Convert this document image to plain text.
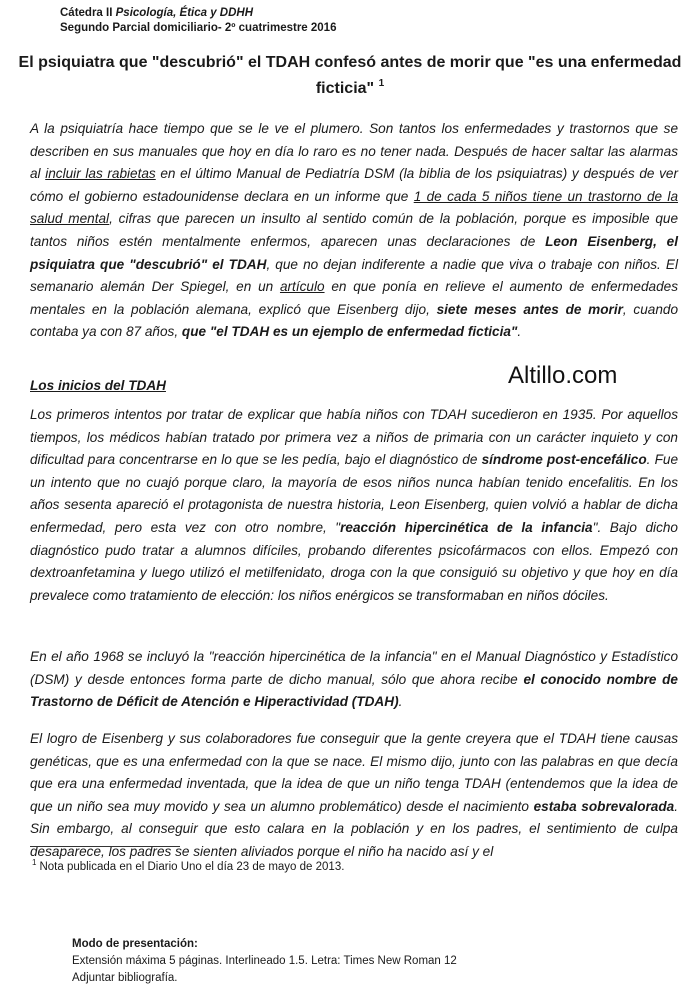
Cátedra II Psicología, Ética y DDHH
Segundo Parcial domiciliario- 2º cuatrimestre 2016
El psiquiatra que "descubrió" el TDAH confesó antes de morir que "es una enfermedad ficticia" $^1$

A la psiquiatría hace tiempo que se le ve el plumero. Son tantos los enfermedades y trastornos que se describen en sus manuales que hoy en día lo raro es no tener nada. Después de hacer saltar las alarmas al incluir las rabietas en el último Manual de Pediatría DSM (la biblia de los psiquiatras) y después de ver cómo el gobierno estadounidense declara en un informe que 1 de cada 5 niños tiene un trastorno de la salud mental, cifras que parecen un insulto al sentido común de la población, porque es imposible que tantos niños estén mentalmente enfermos, aparecen unas declaraciones de Leon Eisenberg, el psiquiatra que "descubrió" el TDAH, que no dejan indiferente a nadie que viva o trabaje con niños. El semanario alemán Der Spiegel, en un artículo en que ponía en relieve el aumento de enfermedades mentales en la población alemana, explicó que Eisenberg dijo, siete meses antes de morir, cuando contaba ya con 87 años, que "el TDAH es un ejemplo de enfermedad ficticia".

Los inicios del TDAH	Altillo.com

Los primeros intentos por tratar de explicar que había niños con TDAH sucedieron en 1935. Por aquellos tiempos, los médicos habían tratado por primera vez a niños de primaria con un carácter inquieto y con dificultad para concentrarse en lo que se les pedía, bajo el diagnóstico de síndrome post-encefálico. Fue un intento que no cuajó porque claro, la mayoría de esos niños nunca habían tenido encefalitis. En los años sesenta apareció el protagonista de nuestra historia, Leon Eisenberg, quien volvió a hablar de dicha enfermedad, pero esta vez con otro nombre, "reacción hipercinética de la infancia". Bajo dicho diagnóstico pudo tratar a alumnos difíciles, probando diferentes psicofármacos con ellos. Empezó con dextroanfetamina y luego utilizó el metilfenidato, droga con la que consiguió su objetivo y que hoy en día prevalece como tratamiento de elección: los niños enérgicos se transformaban en niños dóciles.

En el año 1968 se incluyó la "reacción hipercinética de la infancia" en el Manual Diagnóstico y Estadístico (DSM) y desde entonces forma parte de dicho manual, sólo que ahora recibe el conocido nombre de Trastorno de Déficit de Atención e Hiperactividad (TDAH).

El logro de Eisenberg y sus colaboradores fue conseguir que la gente creyera que el TDAH tiene causas genéticas, que es una enfermedad con la que se nace. El mismo dijo, junto con las palabras en que decía que era una enfermedad inventada, que la idea de que un niño tenga TDAH (entendemos que la idea de que un niño sea muy movido y sea un alumno problemático) desde el nacimiento estaba sobrevalorada. Sin embargo, al conseguir que esto calara en la población y en los padres, el sentimiento de culpa desaparece, los padres se sienten aliviados porque el niño ha nacido así y el

$^1$ Nota publicada en el Diario Uno el día 23 de mayo de 2013.
Modo de presentación:
Extensión máxima 5 páginas. Interlineado 1.5. Letra: Times New Roman 12
Adjuntar bibliografía.
